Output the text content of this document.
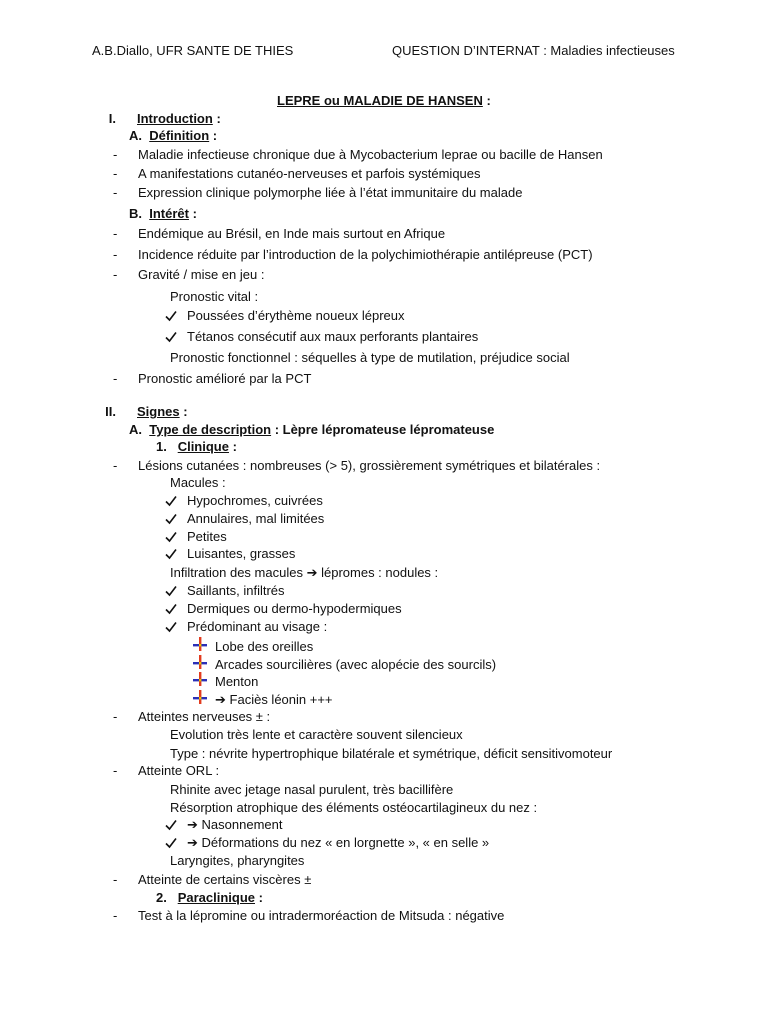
A.B.Diallo, UFR SANTE DE THIES	QUESTION D’INTERNAT : Maladies infectieuses
LEPRE ou MALADIE DE HANSEN :
I. Introduction :
A. Définition :
- Maladie infectieuse chronique due à Mycobacterium leprae ou bacille de Hansen
- A manifestations cutanéo-nerveuses et parfois systémiques
- Expression clinique polymorphe liée à l’état immunitaire du malade
B. Intérêt :
- Endémique au Brésil, en Inde mais surtout en Afrique
- Incidence réduite par l’introduction de la polychimiothérapie antilépreuse (PCT)
- Gravité / mise en jeu :
Pronostic vital :
Poussées d’érythème noueux lépreux
Tétanos consécutif aux maux perforants plantaires
Pronostic fonctionnel : séquelles à type de mutilation, préjudice social
- Pronostic amélioré par la PCT
II. Signes :
A. Type de description : Lèpre lépromateuse lépromateuse
1. Clinique :
- Lésions cutanées : nombreuses (> 5), grossièrement symétriques et bilatérales :
Macules :
Hypochromes, cuivrées
Annulaires, mal limitées
Petites
Luisantes, grasses
Infiltration des macules ➔ lépromes : nodules :
Saillants, infiltrés
Dermiques ou dermo-hypodermiques
Prédominant au visage :
Lobe des oreilles
Arcades sourcilières (avec alopécie des sourcils)
Menton
➔ Faciès léonin +++
- Atteintes nerveuses ± :
Evolution très lente et caractère souvent silencieux
Type : névrite hypertrophique bilatérale et symétrique, déficit sensitivomoteur
- Atteinte ORL :
Rhinite avec jetage nasal purulent, très bacillifère
Résorption atrophique des éléments ostéocartilagineux du nez :
➔ Nasonnement
➔ Déformations du nez « en lorgnette », « en selle »
Laryngites, pharyngites
- Atteinte de certains viscères ±
2. Paraclinique :
- Test à la lépromine ou intradermoréaction de Mitsuda : négative
